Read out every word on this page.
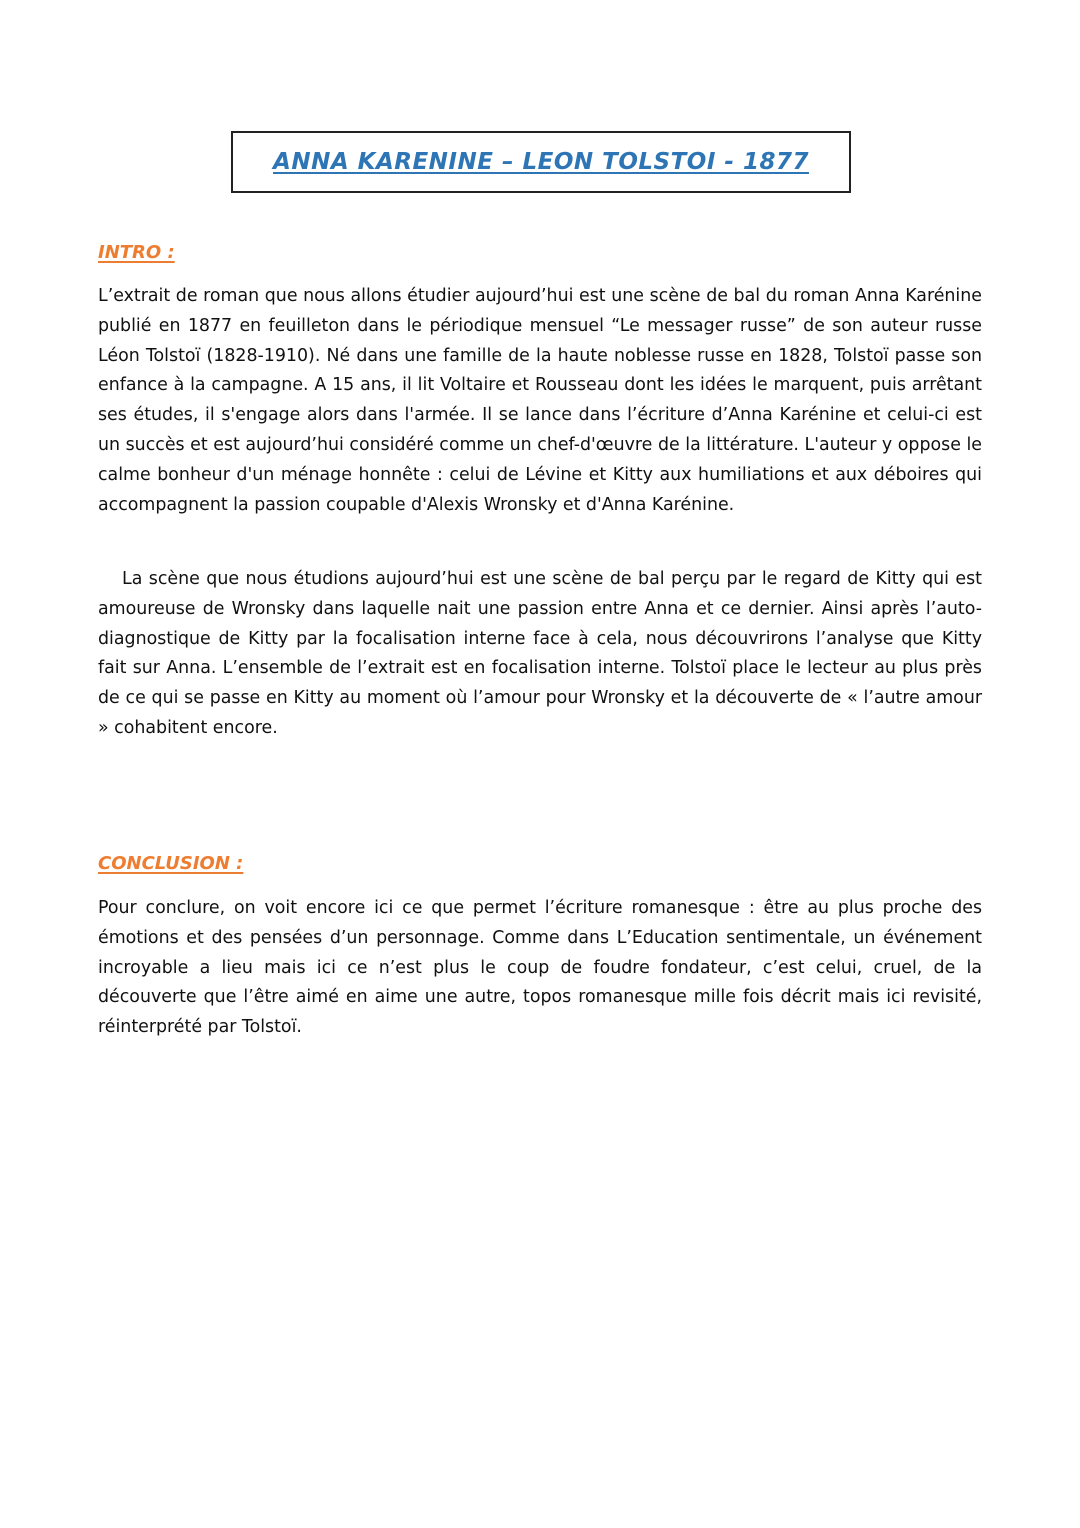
ANNA KARENINE – LEON TOLSTOI - 1877
INTRO :

L’extrait de roman que nous allons étudier aujourd’hui est une scène de bal du roman Anna Karénine publié en 1877 en feuilleton dans le périodique mensuel “Le messager russe” de son auteur russe Léon Tolstoï (1828-1910). Né dans une famille de la haute noblesse russe en 1828, Tolstoï passe son enfance à la campagne. A 15 ans, il lit Voltaire et Rousseau dont les idées le marquent, puis arrêtant ses études, il s'engage alors dans l'armée. Il se lance dans l’écriture d’Anna Karénine et celui-ci est un succès et est aujourd’hui considéré comme un chef-d'œuvre de la littérature. L'auteur y oppose le calme bonheur d'un ménage honnête : celui de Lévine et Kitty aux humiliations et aux déboires qui accompagnent la passion coupable d'Alexis Wronsky et d'Anna Karénine.

La scène que nous étudions aujourd’hui est une scène de bal perçu par le regard de Kitty qui est amoureuse de Wronsky dans laquelle nait une passion entre Anna et ce dernier. Ainsi après l’auto-diagnostique de Kitty par la focalisation interne face à cela, nous découvrirons l’analyse que Kitty fait sur Anna. L’ensemble de l’extrait est en focalisation interne. Tolstoï place le lecteur au plus près de ce qui se passe en Kitty au moment où l’amour pour Wronsky et la découverte de « l’autre amour » cohabitent encore.

CONCLUSION :

Pour conclure, on voit encore ici ce que permet l’écriture romanesque : être au plus proche des émotions et des pensées d’un personnage. Comme dans L’Education sentimentale, un événement incroyable a lieu mais ici ce n’est plus le coup de foudre fondateur, c’est celui, cruel, de la découverte que l’être aimé en aime une autre, topos romanesque mille fois décrit mais ici revisité, réinterprété par Tolstoï.
